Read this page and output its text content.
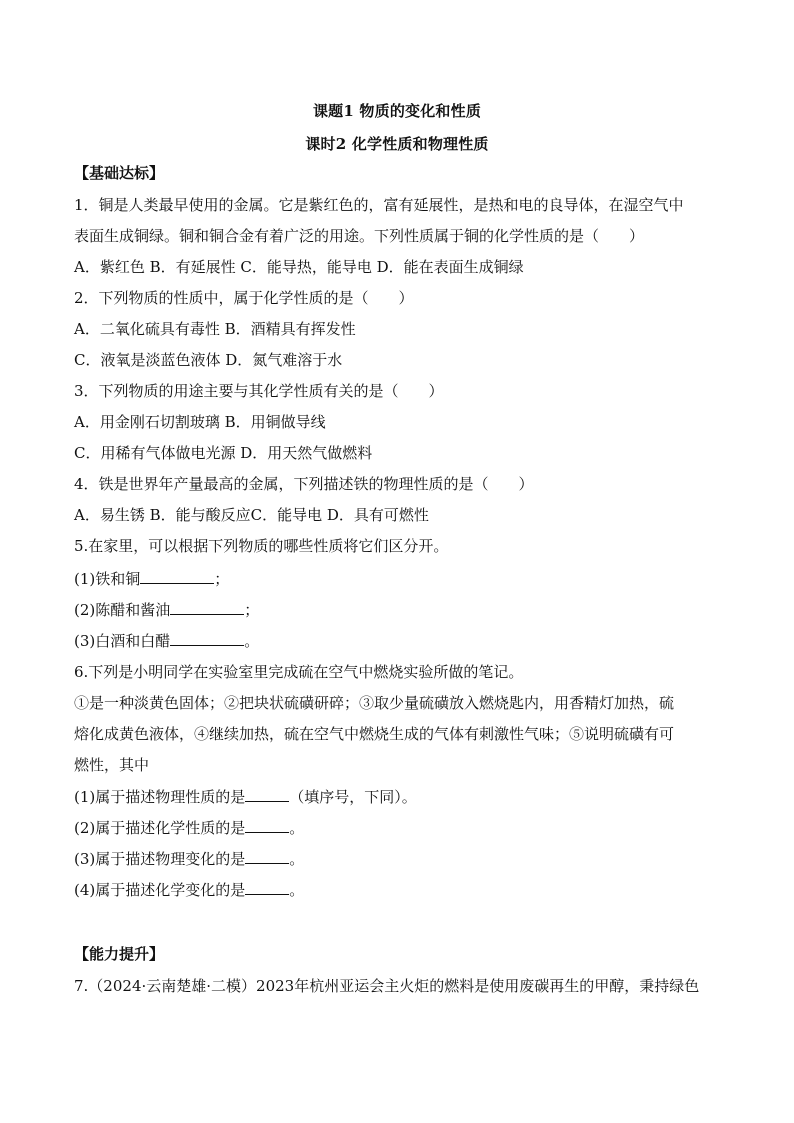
课题1 物质的变化和性质
课时2 化学性质和物理性质
【基础达标】
1．铜是人类最早使用的金属。它是紫红色的，富有延展性，是热和电的良导体，在湿空气中
表面生成铜绿。铜和铜合金有着广泛的用途。下列性质属于铜的化学性质的是（　　）
A．紫红色 B．有延展性 C．能导热，能导电 D．能在表面生成铜绿
2．下列物质的性质中，属于化学性质的是（　　）
A．二氧化硫具有毒性 B．酒精具有挥发性
C．液氧是淡蓝色液体 D．氮气难溶于水
3．下列物质的用途主要与其化学性质有关的是（　　）
A．用金刚石切割玻璃 B．用铜做导线
C．用稀有气体做电光源 D．用天然气做燃料
4．铁是世界年产量最高的金属，下列描述铁的物理性质的是（　　）
A．易生锈 B．能与酸反应C．能导电 D．具有可燃性
5.在家里，可以根据下列物质的哪些性质将它们区分开。
(1)铁和铜	；
(2)陈醋和酱油	；
(3)白酒和白醋	。
6.下列是小明同学在实验室里完成硫在空气中燃烧实验所做的笔记。
①是一种淡黄色固体；②把块状硫磺研碎；③取少量硫磺放入燃烧匙内，用香精灯加热，硫
熔化成黄色液体，④继续加热，硫在空气中燃烧生成的气体有刺激性气味；⑤说明硫磺有可
燃性，其中
(1)属于描述物理性质的是	（填序号，下同）。
(2)属于描述化学性质的是	。
(3)属于描述物理变化的是	。
(4)属于描述化学变化的是	。
【能力提升】
7.（2024·云南楚雄·二模）2023年杭州亚运会主火炬的燃料是使用废碳再生的甲醇，秉持绿色
